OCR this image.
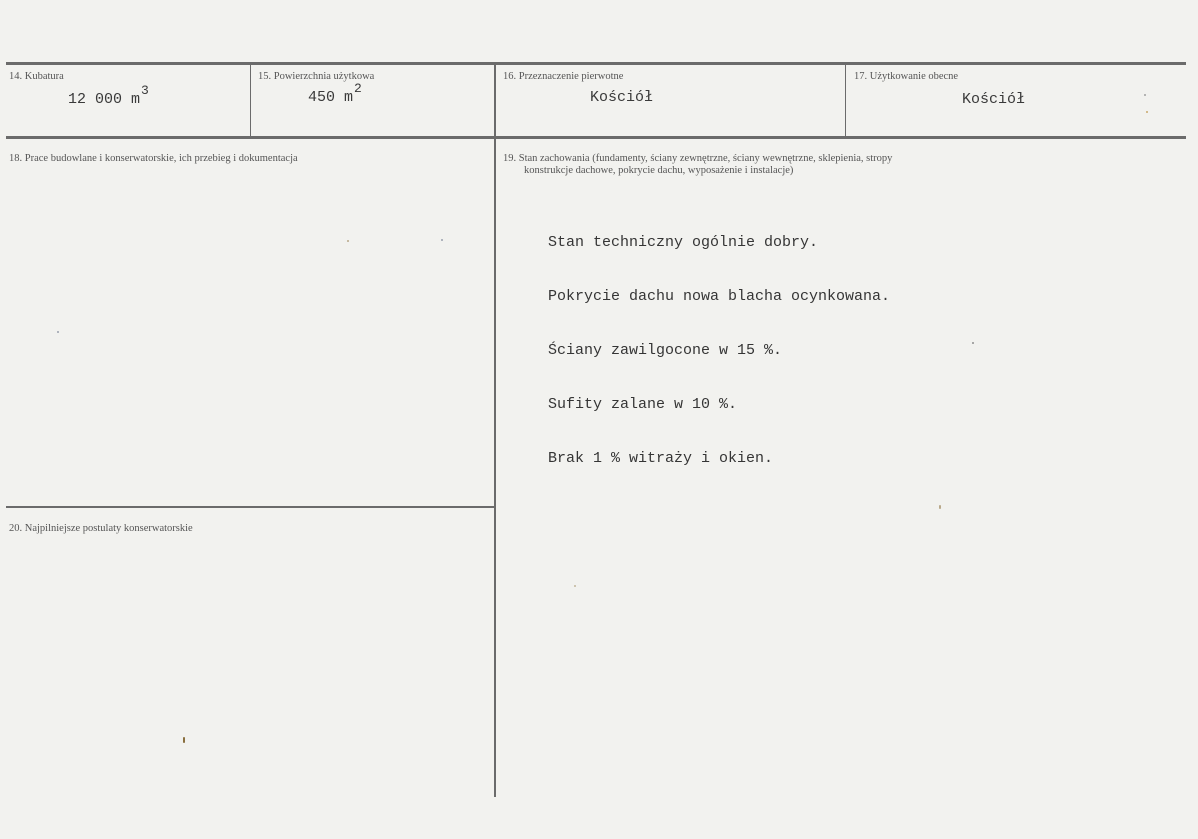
14. Kubatura
12 000 m3
15. Powierzchnia użytkowa
450 m2
16. Przeznaczenie pierwotne
Kościół
17. Użytkowanie obecne
Kościół
18. Prace budowlane i konserwatorskie, ich przebieg i dokumentacja	19. Stan zachowania (fundamenty, ściany zewnętrzne, ściany wewnętrzne, sklepienia, stropy
konstrukcje dachowe, pokrycie dachu, wyposażenie i instalacje)

Stan techniczny ogólnie dobry.

Pokrycie dachu nowa blacha ocynkowana.

Ściany zawilgocone w 15 %.

Sufity zalane w 10 %.

Brak 1 % witraży i okien.

20. Najpilniejsze postulaty konserwatorskie
